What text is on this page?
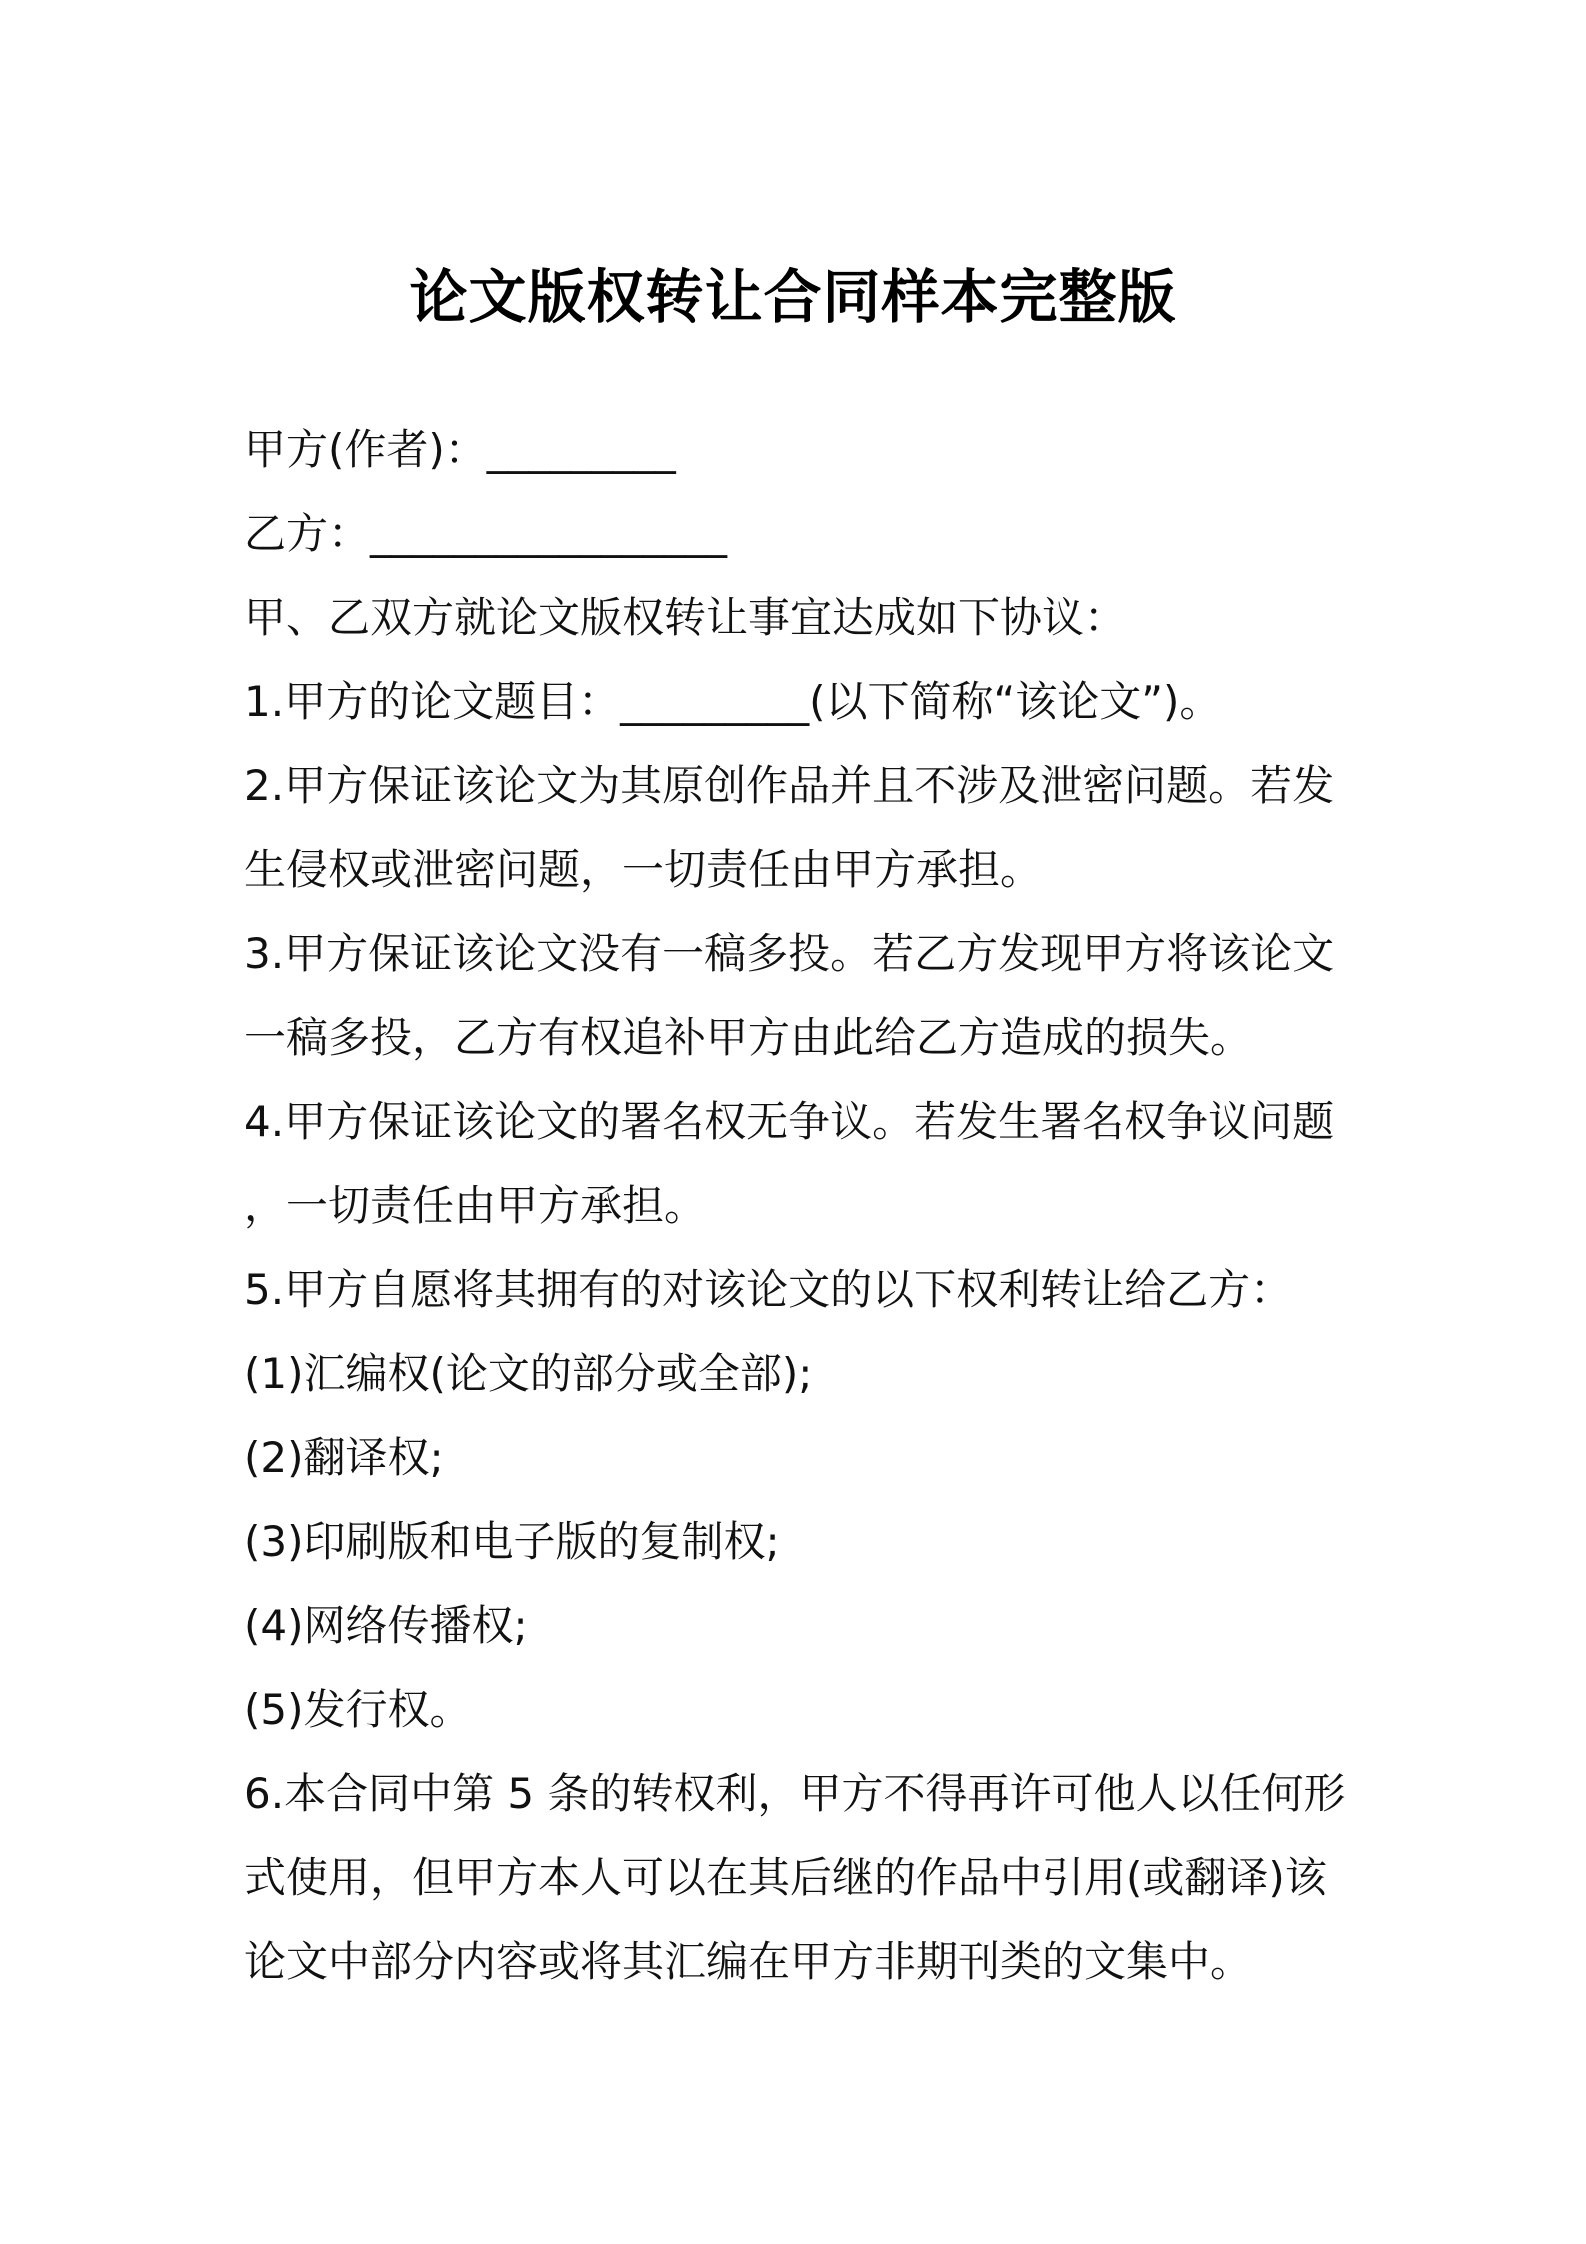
论文版权转让合同样本完整版
甲方(作者)：_________
乙方：_________________
甲、乙双方就论文版权转让事宜达成如下协议：
1.甲方的论文题目：_________(以下简称“该论文”)。
2.甲方保证该论文为其原创作品并且不涉及泄密问题。若发
生侵权或泄密问题，一切责任由甲方承担。
3.甲方保证该论文没有一稿多投。若乙方发现甲方将该论文
一稿多投，乙方有权追补甲方由此给乙方造成的损失。
4.甲方保证该论文的署名权无争议。若发生署名权争议问题
，一切责任由甲方承担。
5.甲方自愿将其拥有的对该论文的以下权利转让给乙方：
(1)汇编权(论文的部分或全部);
(2)翻译权;
(3)印刷版和电子版的复制权;
(4)网络传播权;
(5)发行权。
6.本合同中第 5 条的转权利，甲方不得再许可他人以任何形
式使用，但甲方本人可以在其后继的作品中引用(或翻译)该
论文中部分内容或将其汇编在甲方非期刊类的文集中。
